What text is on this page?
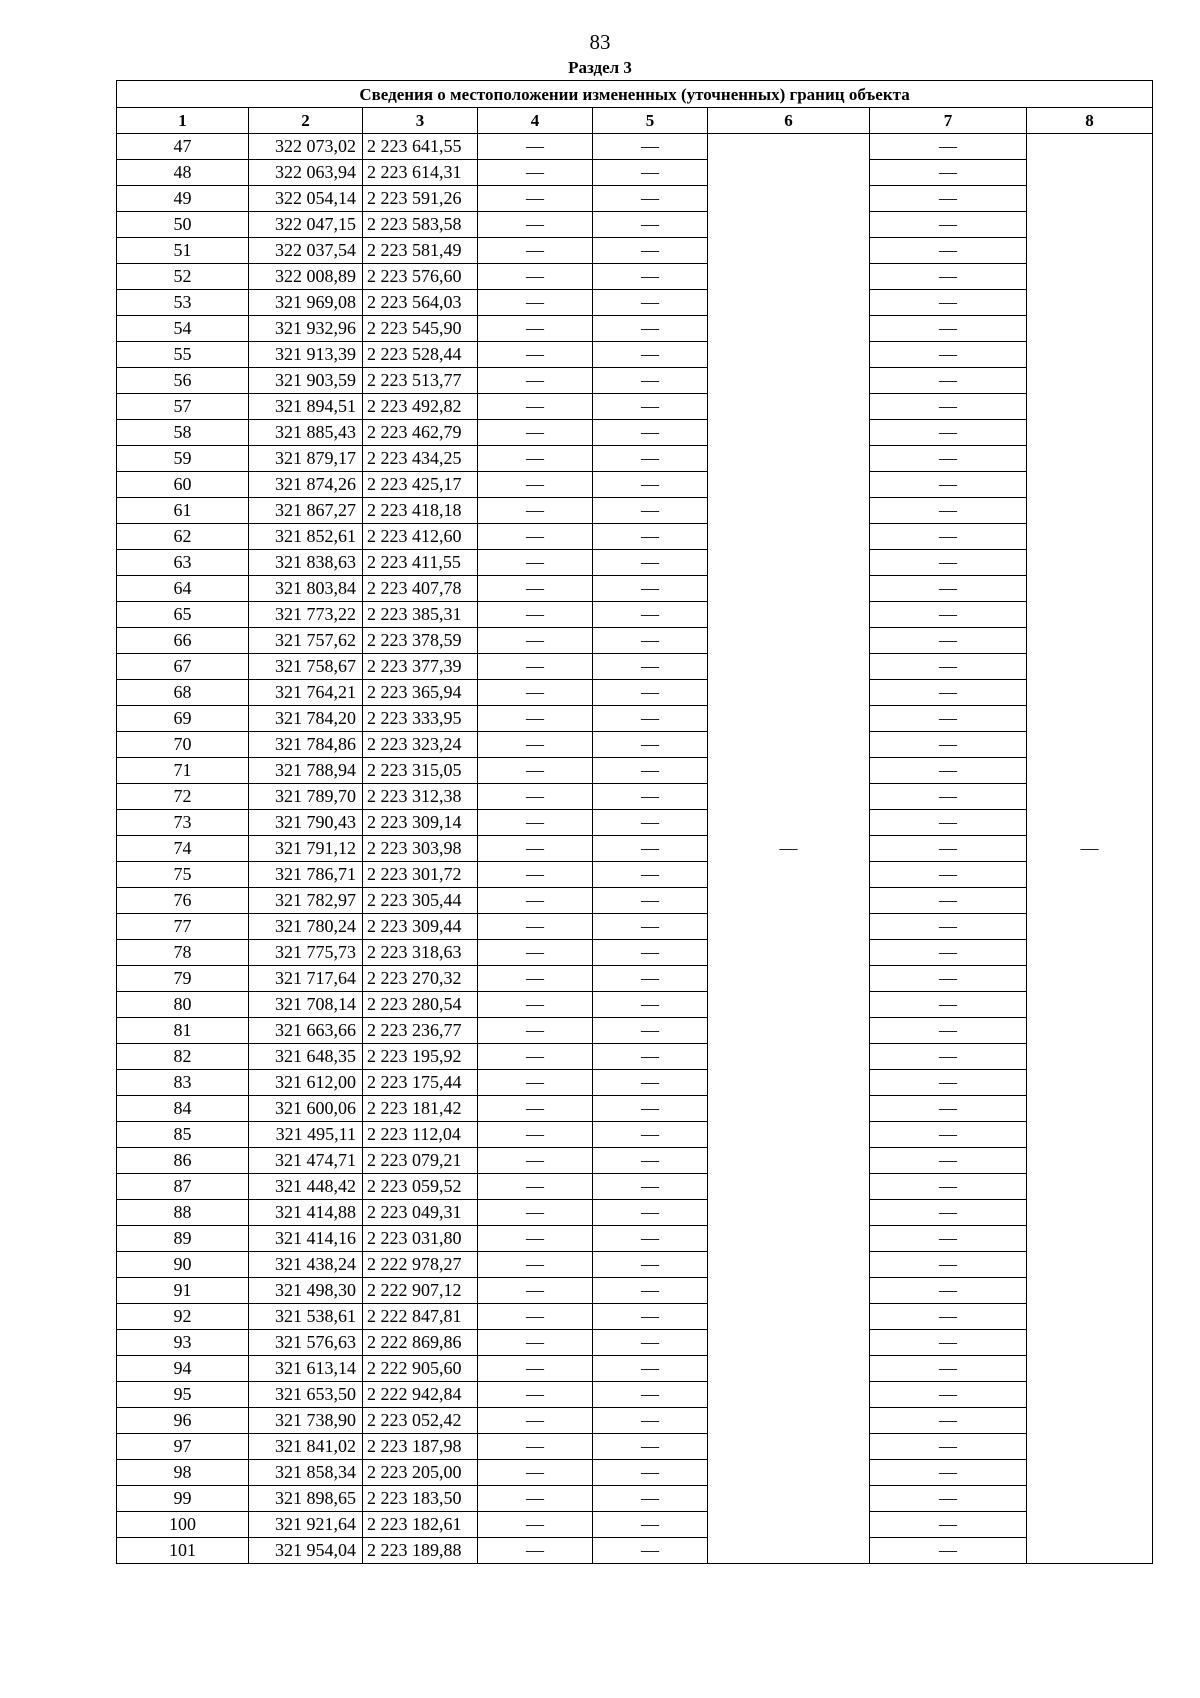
83
Раздел 3
Сведения о местоположении измененных (уточненных) границ объекта							
1	2	3	4	5	6	7	8
47	322 073,02	2 223 641,55	—	—	—	—	—
48	322 063,94	2 223 614,31	—	—		—	
49	322 054,14	2 223 591,26	—	—		—	
50	322 047,15	2 223 583,58	—	—		—	
51	322 037,54	2 223 581,49	—	—		—	
52	322 008,89	2 223 576,60	—	—		—	
53	321 969,08	2 223 564,03	—	—		—	
54	321 932,96	2 223 545,90	—	—		—	
55	321 913,39	2 223 528,44	—	—		—	
56	321 903,59	2 223 513,77	—	—		—	
57	321 894,51	2 223 492,82	—	—		—	
58	321 885,43	2 223 462,79	—	—		—	
59	321 879,17	2 223 434,25	—	—		—	
60	321 874,26	2 223 425,17	—	—		—	
61	321 867,27	2 223 418,18	—	—		—	
62	321 852,61	2 223 412,60	—	—		—	
63	321 838,63	2 223 411,55	—	—		—	
64	321 803,84	2 223 407,78	—	—		—	
65	321 773,22	2 223 385,31	—	—		—	
66	321 757,62	2 223 378,59	—	—		—	
67	321 758,67	2 223 377,39	—	—		—	
68	321 764,21	2 223 365,94	—	—		—	
69	321 784,20	2 223 333,95	—	—		—	
70	321 784,86	2 223 323,24	—	—		—	
71	321 788,94	2 223 315,05	—	—		—	
72	321 789,70	2 223 312,38	—	—		—	
73	321 790,43	2 223 309,14	—	—		—	
74	321 791,12	2 223 303,98	—	—		—	
75	321 786,71	2 223 301,72	—	—		—	
76	321 782,97	2 223 305,44	—	—		—	
77	321 780,24	2 223 309,44	—	—		—	
78	321 775,73	2 223 318,63	—	—		—	
79	321 717,64	2 223 270,32	—	—		—	
80	321 708,14	2 223 280,54	—	—		—	
81	321 663,66	2 223 236,77	—	—		—	
82	321 648,35	2 223 195,92	—	—		—	
83	321 612,00	2 223 175,44	—	—		—	
84	321 600,06	2 223 181,42	—	—		—	
85	321 495,11	2 223 112,04	—	—		—	
86	321 474,71	2 223 079,21	—	—		—	
87	321 448,42	2 223 059,52	—	—		—	
88	321 414,88	2 223 049,31	—	—		—	
89	321 414,16	2 223 031,80	—	—		—	
90	321 438,24	2 222 978,27	—	—		—	
91	321 498,30	2 222 907,12	—	—		—	
92	321 538,61	2 222 847,81	—	—		—	
93	321 576,63	2 222 869,86	—	—		—	
94	321 613,14	2 222 905,60	—	—		—	
95	321 653,50	2 222 942,84	—	—		—	
96	321 738,90	2 223 052,42	—	—		—	
97	321 841,02	2 223 187,98	—	—		—	
98	321 858,34	2 223 205,00	—	—		—	
99	321 898,65	2 223 183,50	—	—		—	
100	321 921,64	2 223 182,61	—	—		—	
101	321 954,04	2 223 189,88	—	—		—	
